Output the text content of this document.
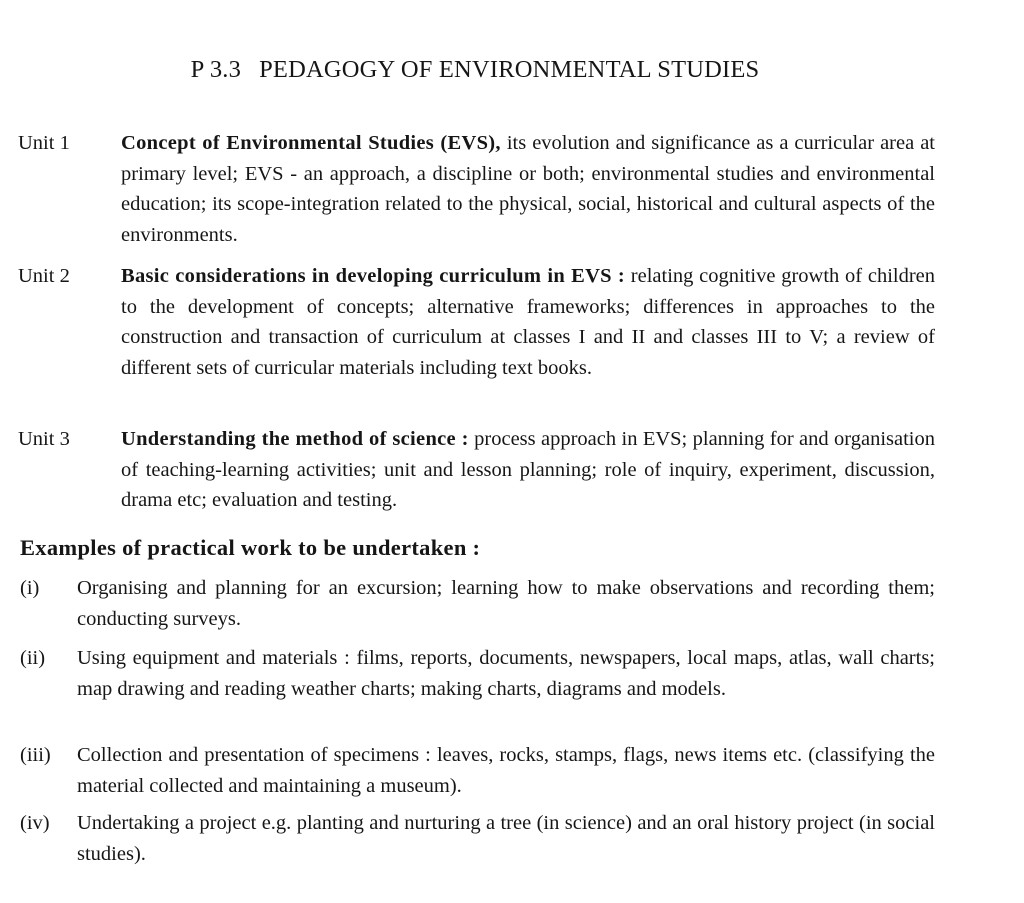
P 3.3 PEDAGOGY OF ENVIRONMENTAL STUDIES
Unit 1	Concept of Environmental Studies (EVS), its evolution and significance as a curricular area at primary level; EVS - an approach, a discipline or both; environmental studies and environmental education; its scope-integration related to the physical, social, historical and cultural aspects of the environments.
Unit 2	Basic considerations in developing curriculum in EVS : relating cognitive growth of children to the development of concepts; alternative frameworks; differences in approaches to the construction and transaction of curriculum at classes I and II and classes III to V; a review of different sets of curricular materials including text books.
Unit 3	Understanding the method of science : process approach in EVS; planning for and organisation of teaching-learning activities; unit and lesson planning; role of inquiry, experiment, discussion, drama etc; evaluation and testing.
Examples of practical work to be undertaken :
(i)	Organising and planning for an excursion; learning how to make observations and recording them; conducting surveys.
(ii)	Using equipment and materials : films, reports, documents, newspapers, local maps, atlas, wall charts; map drawing and reading weather charts; making charts, diagrams and models.
(iii)	Collection and presentation of specimens : leaves, rocks, stamps, flags, news items etc. (classifying the material collected and maintaining a museum).
(iv)	Undertaking a project e.g. planting and nurturing a tree (in science) and an oral history project (in social studies).
